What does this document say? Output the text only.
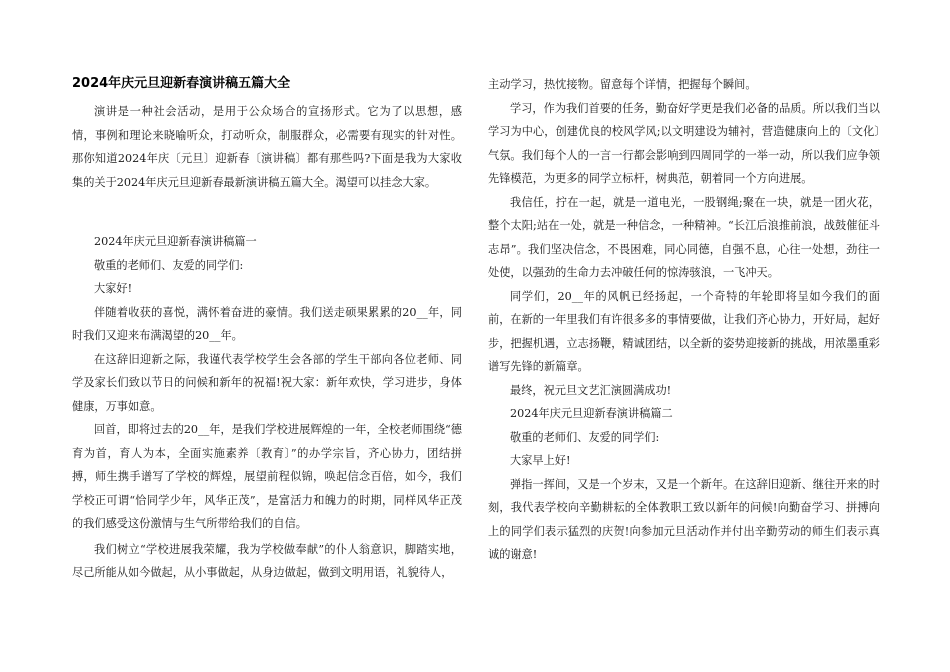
2024年庆元旦迎新春演讲稿五篇大全

演讲是一种社会活动，是用于公众场合的宣扬形式。它为了以思想，感情，事例和理论来晓喻听众，打动听众，制服群众，必需要有现实的针对性。那你知道2024年庆〔元旦〕迎新春〔演讲稿〕都有那些吗?下面是我为大家收集的关于2024年庆元旦迎新春最新演讲稿五篇大全。渴望可以挂念大家。

2024年庆元旦迎新春演讲稿篇一

敬重的老师们、友爱的同学们:

大家好!

伴随着收获的喜悦，满怀着奋进的豪情。我们送走硕果累累的20__年，同时我们又迎来布满渴望的20__年。

在这辞旧迎新之际，我谨代表学校学生会各部的学生干部向各位老师、同学及家长们致以节日的问候和新年的祝福!祝大家：新年欢快，学习进步，身体健康，万事如意。

回首，即将过去的20__年，是我们学校进展辉煌的一年，全校老师围绕“德育为首，育人为本，全面实施素养〔教育〕”的办学宗旨，齐心协力，团结拼搏，师生携手谱写了学校的辉煌，展望前程似锦，唤起信念百倍，如今，我们学校正可谓“恰同学少年，风华正茂”，是富活力和魄力的时期，同样风华正茂的我们感受这份激情与生气所带给我们的自信。

我们树立“学校进展我荣耀，我为学校做奉献”的仆人翁意识，脚踏实地，尽己所能从如今做起，从小事做起，从身边做起，做到文明用语，礼貌待人，

主动学习，热忱接物。留意每个详情，把握每个瞬间。

学习，作为我们首要的任务，勤奋好学更是我们必备的品质。所以我们当以学习为中心，创建优良的校风学风;以文明建设为辅衬，营造健康向上的〔文化〕气氛。我们每个人的一言一行都会影响到四周同学的一举一动，所以我们应争领先锋模范，为更多的同学立标杆，树典范，朝着同一个方向进展。

我信任，拧在一起，就是一道电光，一股钢绳;聚在一块，就是一团火花，整个太阳;站在一处，就是一种信念，一种精神。“长江后浪推前浪，战鼓催征斗志昂”。我们坚决信念，不畏困难，同心同德，自强不息，心往一处想，劲往一处使，以强劲的生命力去冲破任何的惊涛骇浪，一飞冲天。

同学们，20__年的风帆已经扬起，一个奇特的年轮即将呈如今我们的面前，在新的一年里我们有许很多多的事情要做，让我们齐心协力，开好局，起好步，把握机遇，立志扬鞭，精诚团结，以全新的姿势迎接新的挑战，用浓墨重彩谱写先锋的新篇章。

最终，祝元旦文艺汇演圆满成功!

2024年庆元旦迎新春演讲稿篇二

敬重的老师们、友爱的同学们:

大家早上好!

弹指一挥间，又是一个岁末，又是一个新年。在这辞旧迎新、继往开来的时刻，我代表学校向辛勤耕耘的全体教职工致以新年的问候!向勤奋学习、拼搏向上的同学们表示猛烈的庆贺!向参加元旦活动作并付出辛勤劳动的师生们表示真诚的谢意!
